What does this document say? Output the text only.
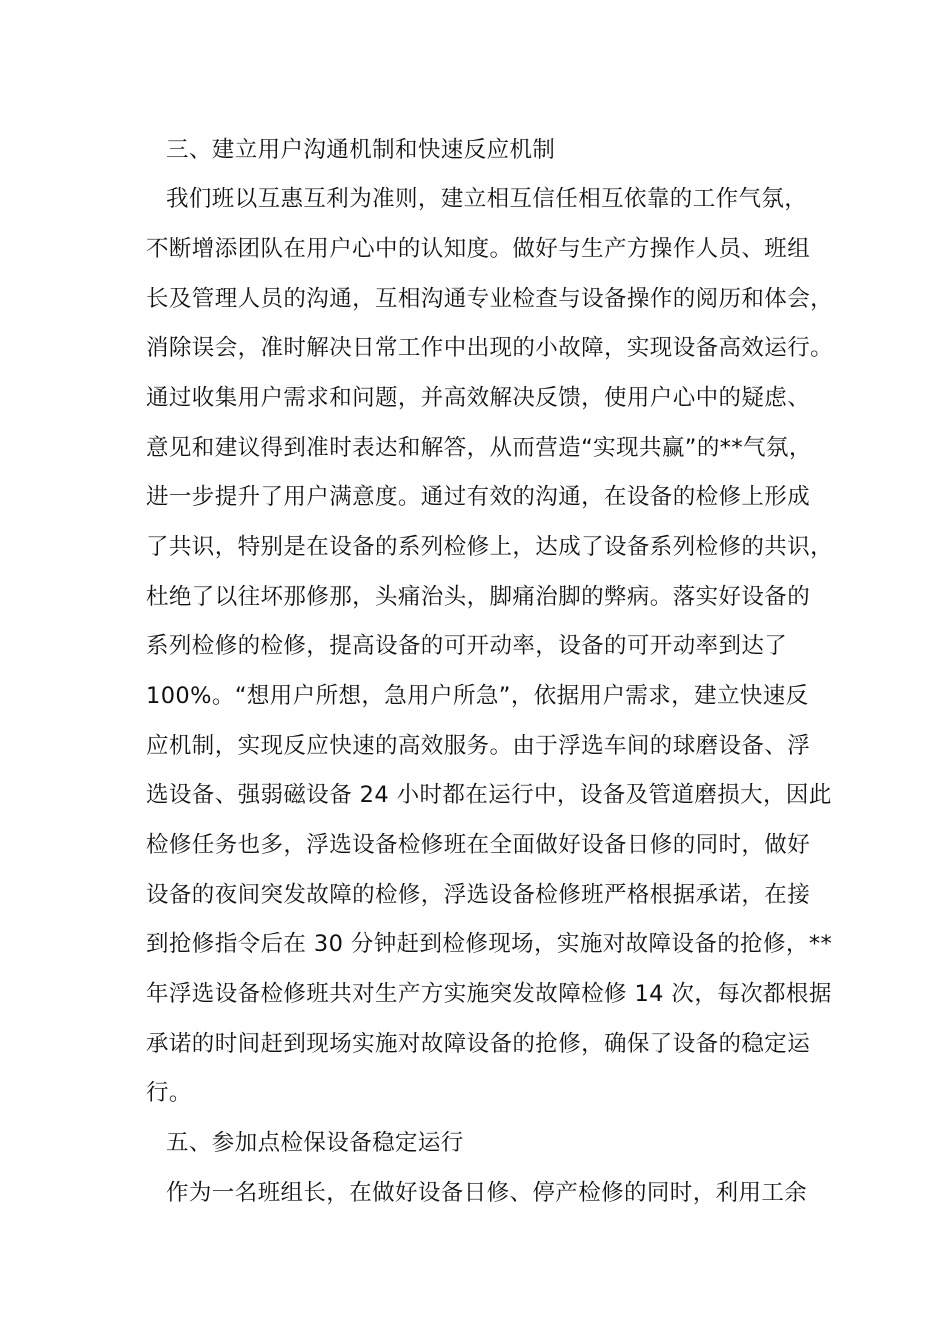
三、建立用户沟通机制和快速反应机制
我们班以互惠互利为准则，建立相互信任相互依靠的工作气氛，
不断增添团队在用户心中的认知度。做好与生产方操作人员、班组
长及管理人员的沟通，互相沟通专业检查与设备操作的阅历和体会，
消除误会，准时解决日常工作中出现的小故障，实现设备高效运行。
通过收集用户需求和问题，并高效解决反馈，使用户心中的疑虑、
意见和建议得到准时表达和解答，从而营造“实现共赢”的**气氛，
进一步提升了用户满意度。通过有效的沟通，在设备的检修上形成
了共识，特别是在设备的系列检修上，达成了设备系列检修的共识，
杜绝了以往坏那修那，头痛治头，脚痛治脚的弊病。落实好设备的
系列检修的检修，提高设备的可开动率，设备的可开动率到达了
100%。“想用户所想，急用户所急”，依据用户需求，建立快速反
应机制，实现反应快速的高效服务。由于浮选车间的球磨设备、浮
选设备、强弱磁设备 24 小时都在运行中，设备及管道磨损大，因此
检修任务也多，浮选设备检修班在全面做好设备日修的同时，做好
设备的夜间突发故障的检修，浮选设备检修班严格根据承诺，在接
到抢修指令后在 30 分钟赶到检修现场，实施对故障设备的抢修，**
年浮选设备检修班共对生产方实施突发故障检修 14 次，每次都根据
承诺的时间赶到现场实施对故障设备的抢修，确保了设备的稳定运
行。
五、参加点检保设备稳定运行
作为一名班组长，在做好设备日修、停产检修的同时，利用工余
